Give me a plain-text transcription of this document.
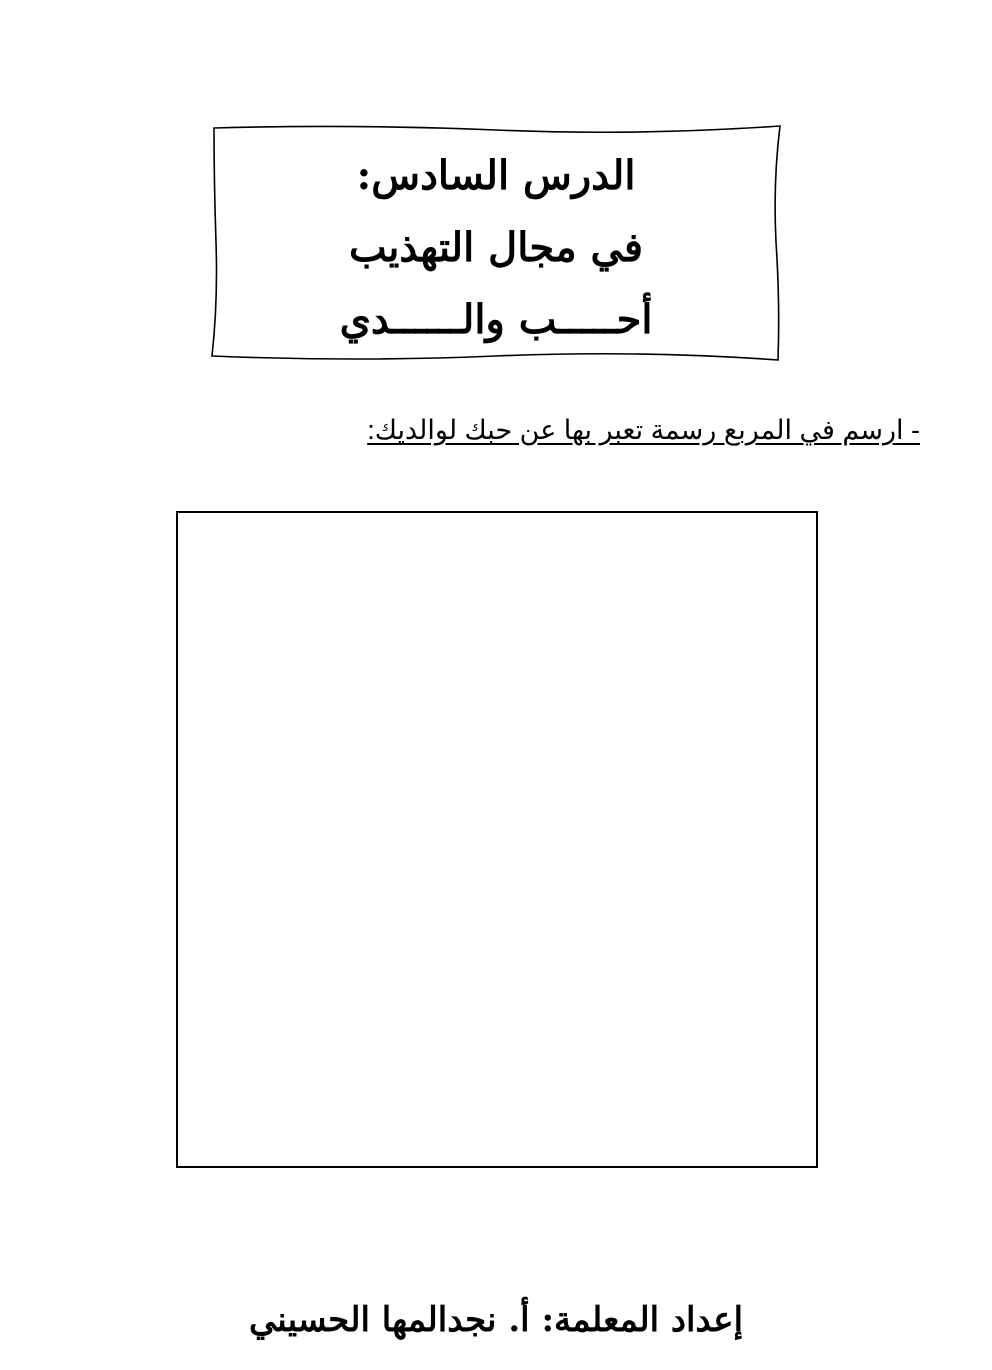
الدرس السادس:
في مجال التهذيب
أحـــــب والــــــدي
- ارسم في المربع رسمة تعبر بها عن حبك لوالديك:
إعداد المعلمة: أ. نجدالمها الحسيني
